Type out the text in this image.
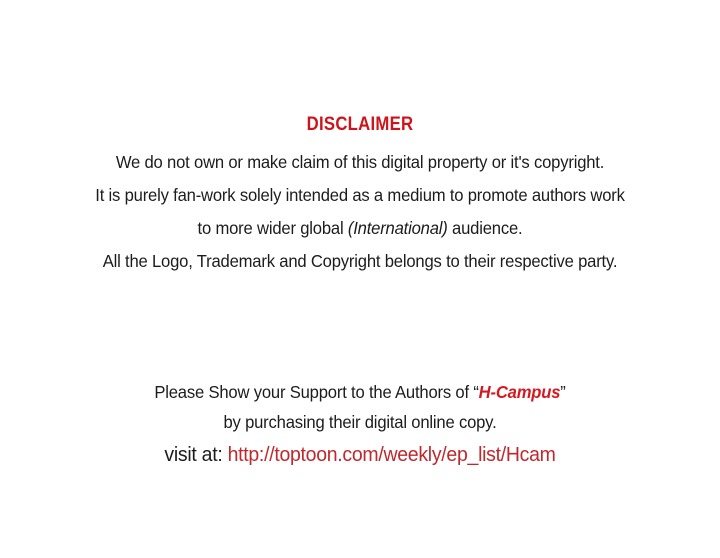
DISCLAIMER
We do not own or make claim of this digital property or it's copyright.
It is purely fan-work solely intended as a medium to promote authors work
to more wider global (International) audience.
All the Logo, Trademark and Copyright belongs to their respective party.
Please Show your Support to the Authors of “H-Campus”
by purchasing their digital online copy.
visit at: http://toptoon.com/weekly/ep_list/Hcam
